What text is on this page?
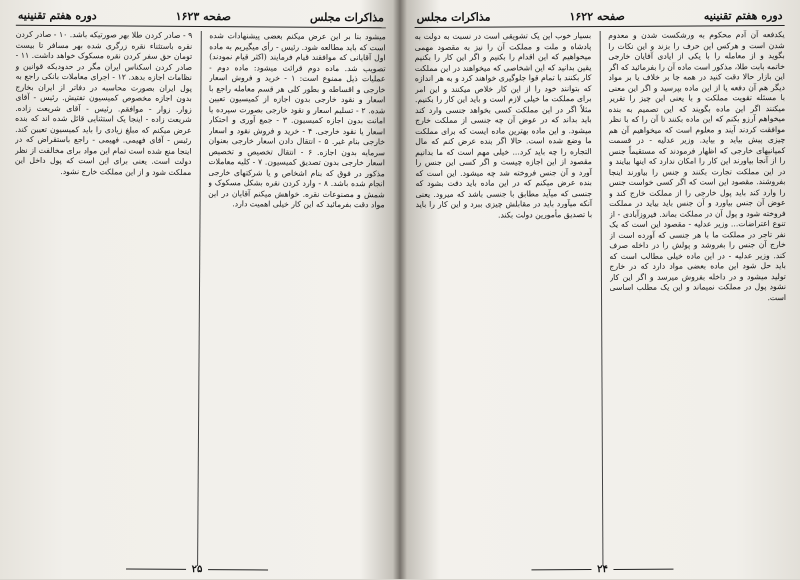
مذاکرات مجلس
صفحه ۱۶۲۳
دوره هفتم تقنینیه

میشود بنا بر این عرض میکنم بعضی پیشنهادات شده است که باید مطالعه شود. رئیس - رأی میگیریم به ماده اول آقایانی که موافقند قیام فرمایند (اکثر قیام نمودند) تصویب شد. ماده دوم قرائت میشود: ماده دوم - عملیات ذیل ممنوع است: ۱ - خرید و فروش اسعار خارجی و اقساطه و بطور کلی هر قسم معامله راجع با اسعار و نقود خارجی بدون اجازه از کمیسیون تعیین شده. ۲ - تسلیم اسعار و نقود خارجی بصورت سپرده یا امانت بدون اجازه کمیسیون. ۳ - جمع آوری و احتکار اسعار یا نقود خارجی. ۴ - خرید و فروش نقود و اسعار خارجی بنام غیر. ۵ - انتقال دادن اسعار خارجی بعنوان سرمایه بدون اجازه. ۶ - انتقال تخصیص و تخصیص اسعار خارجی بدون تصدیق کمیسیون. ۷ - کلیه معاملات مذکور در فوق که بنام اشخاص و یا شرکتهای خارجی انجام شده باشد. ۸ - وارد کردن نقره بشکل مسکوک و شمش و مصنوعات نقره. خواهش میکنم آقایان در این مواد دقت بفرمائید که این کار خیلی اهمیت دارد.

۹ - صادر کردن طلا بهر صورتیکه باشد. ۱۰ - صادر کردن نقره باستثناء نقره زرگری شده بهر مسافر تا بیست تومان حق سفر کردن نقره مسکوک خواهد داشت. ۱۱ - صادر کردن اسکناس ایران مگر در حدودیکه قوانین و نظامات اجازه بدهد. ۱۲ - اجرای معاملات بانکی راجع به پول ایران بصورت محاسبه در دفاتر از ایران بخارج بدون اجازه مخصوص کمیسیون تفتیش. رئیس - آقای زوار. زوار - موافقم. رئیس - آقای شریعت زاده. شریعت زاده - اینجا یک استثنایی قائل شده اند که بنده عرض میکنم که مبلغ زیادی را باید کمیسیون تعیین کند. رئیس - آقای فهیمی. فهیمی - راجع باستقراض که در اینجا منع شده است تمام این مواد برای مخالفت از نظر دولت است. یعنی برای این است که پول داخل این مملکت شود و از این مملکت خارج نشود.

۲۵
دوره هفتم تقنینیه
صفحه ۱۶۲۲
مذاکرات مجلس

یکدفعه آن آدم محکوم به ورشکست شدن و معدوم شدن است و هرکس این حرف را بزند و این نکات را بگوید و از معامله را با یکی از ایادی آقایان خارجی خاتمه بابت طلا، مذکور است ماده آن را بفرمائید که اگر این بازار حالا دقت کنید در همه جا بر خلاف یا بر مواد دیگر هم آن دفعه یا از این ماده بپرسید و اگر این معنی با مسئله تقویت مملکت و با یعنی این چیز را تقریر میکنند اگر این ماده بگویند که این تصمیم به بنده میخواهم آرزو بکنم که این ماده بکنند تا آن را که با نظر موافقت کردند آیند و معلوم است که میخواهیم آن هم چیزی پیش بیاید و بیاید. وزیر عدلیه - در قسمت کمپانیهای خارجی که اظهار فرمودند که مستقیماً جنس را از آنجا بیاورند این کار را امکان ندارد که اینها بیایند و در این مملکت تجارت بکنند و جنس را بیاورند اینجا بفروشند. مقصود این است که اگر کسی خواست جنس را وارد کند باید پول خارجی را از مملکت خارج کند و عوض آن جنس بیاورد و آن جنس باید بیاید در مملکت فروخته شود و پول آن در مملکت بماند. فیروزآبادی - از تنوع اعتراضات... وزیر عدلیه - مقصود این است که یک نفر تاجر در مملکت ما با هر جنسی که آورده است از خارج آن جنس را بفروشد و پولش را در داخله صرف کند. وزیر عدلیه - در این ماده خیلی مطالب است که باید حل شود این ماده بعضی مواد دارد که در خارج تولید میشود و در داخله بفروش میرسد و اگر این کار نشود پول در مملکت نمیماند و این یک مطلب اساسی است.

بسیار خوب این یک تشویقی است در نسبت به دولت به پادشاه و ملت و مملکت آن را نیز به مقصود مهمی میخواهیم که این اقدام را بکنیم و اگر این کار را بکنیم یقین بدانید که این اشخاصی که میخواهند در این مملکت کار بکنند با تمام قوا جلوگیری خواهند کرد و به هر اندازه که بتوانند خود را از این کار خلاص میکنند و این امر برای مملکت ما خیلی لازم است و باید این کار را بکنیم. مثلاً اگر در این مملکت کسی بخواهد جنسی وارد کند باید بداند که در عوض آن چه جنسی از مملکت خارج میشود. و این ماده بهترین ماده ایست که برای مملکت ما وضع شده است. حالا اگر بنده عرض کنم که مال التجاره را چه باید کرد... خیلی مهم است که ما بدانیم مقصود از این اجازه چیست و اگر کسی این جنس را آورد و آن جنس فروخته شد چه میشود. این است که بنده عرض میکنم که در این ماده باید دقت بشود که جنسی که میآید مطابق با جنسی باشد که میرود. یعنی آنکه میآورد باید در مقابلش چیزی ببرد و این کار را باید با تصدیق مأمورین دولت بکند.

۲۴
